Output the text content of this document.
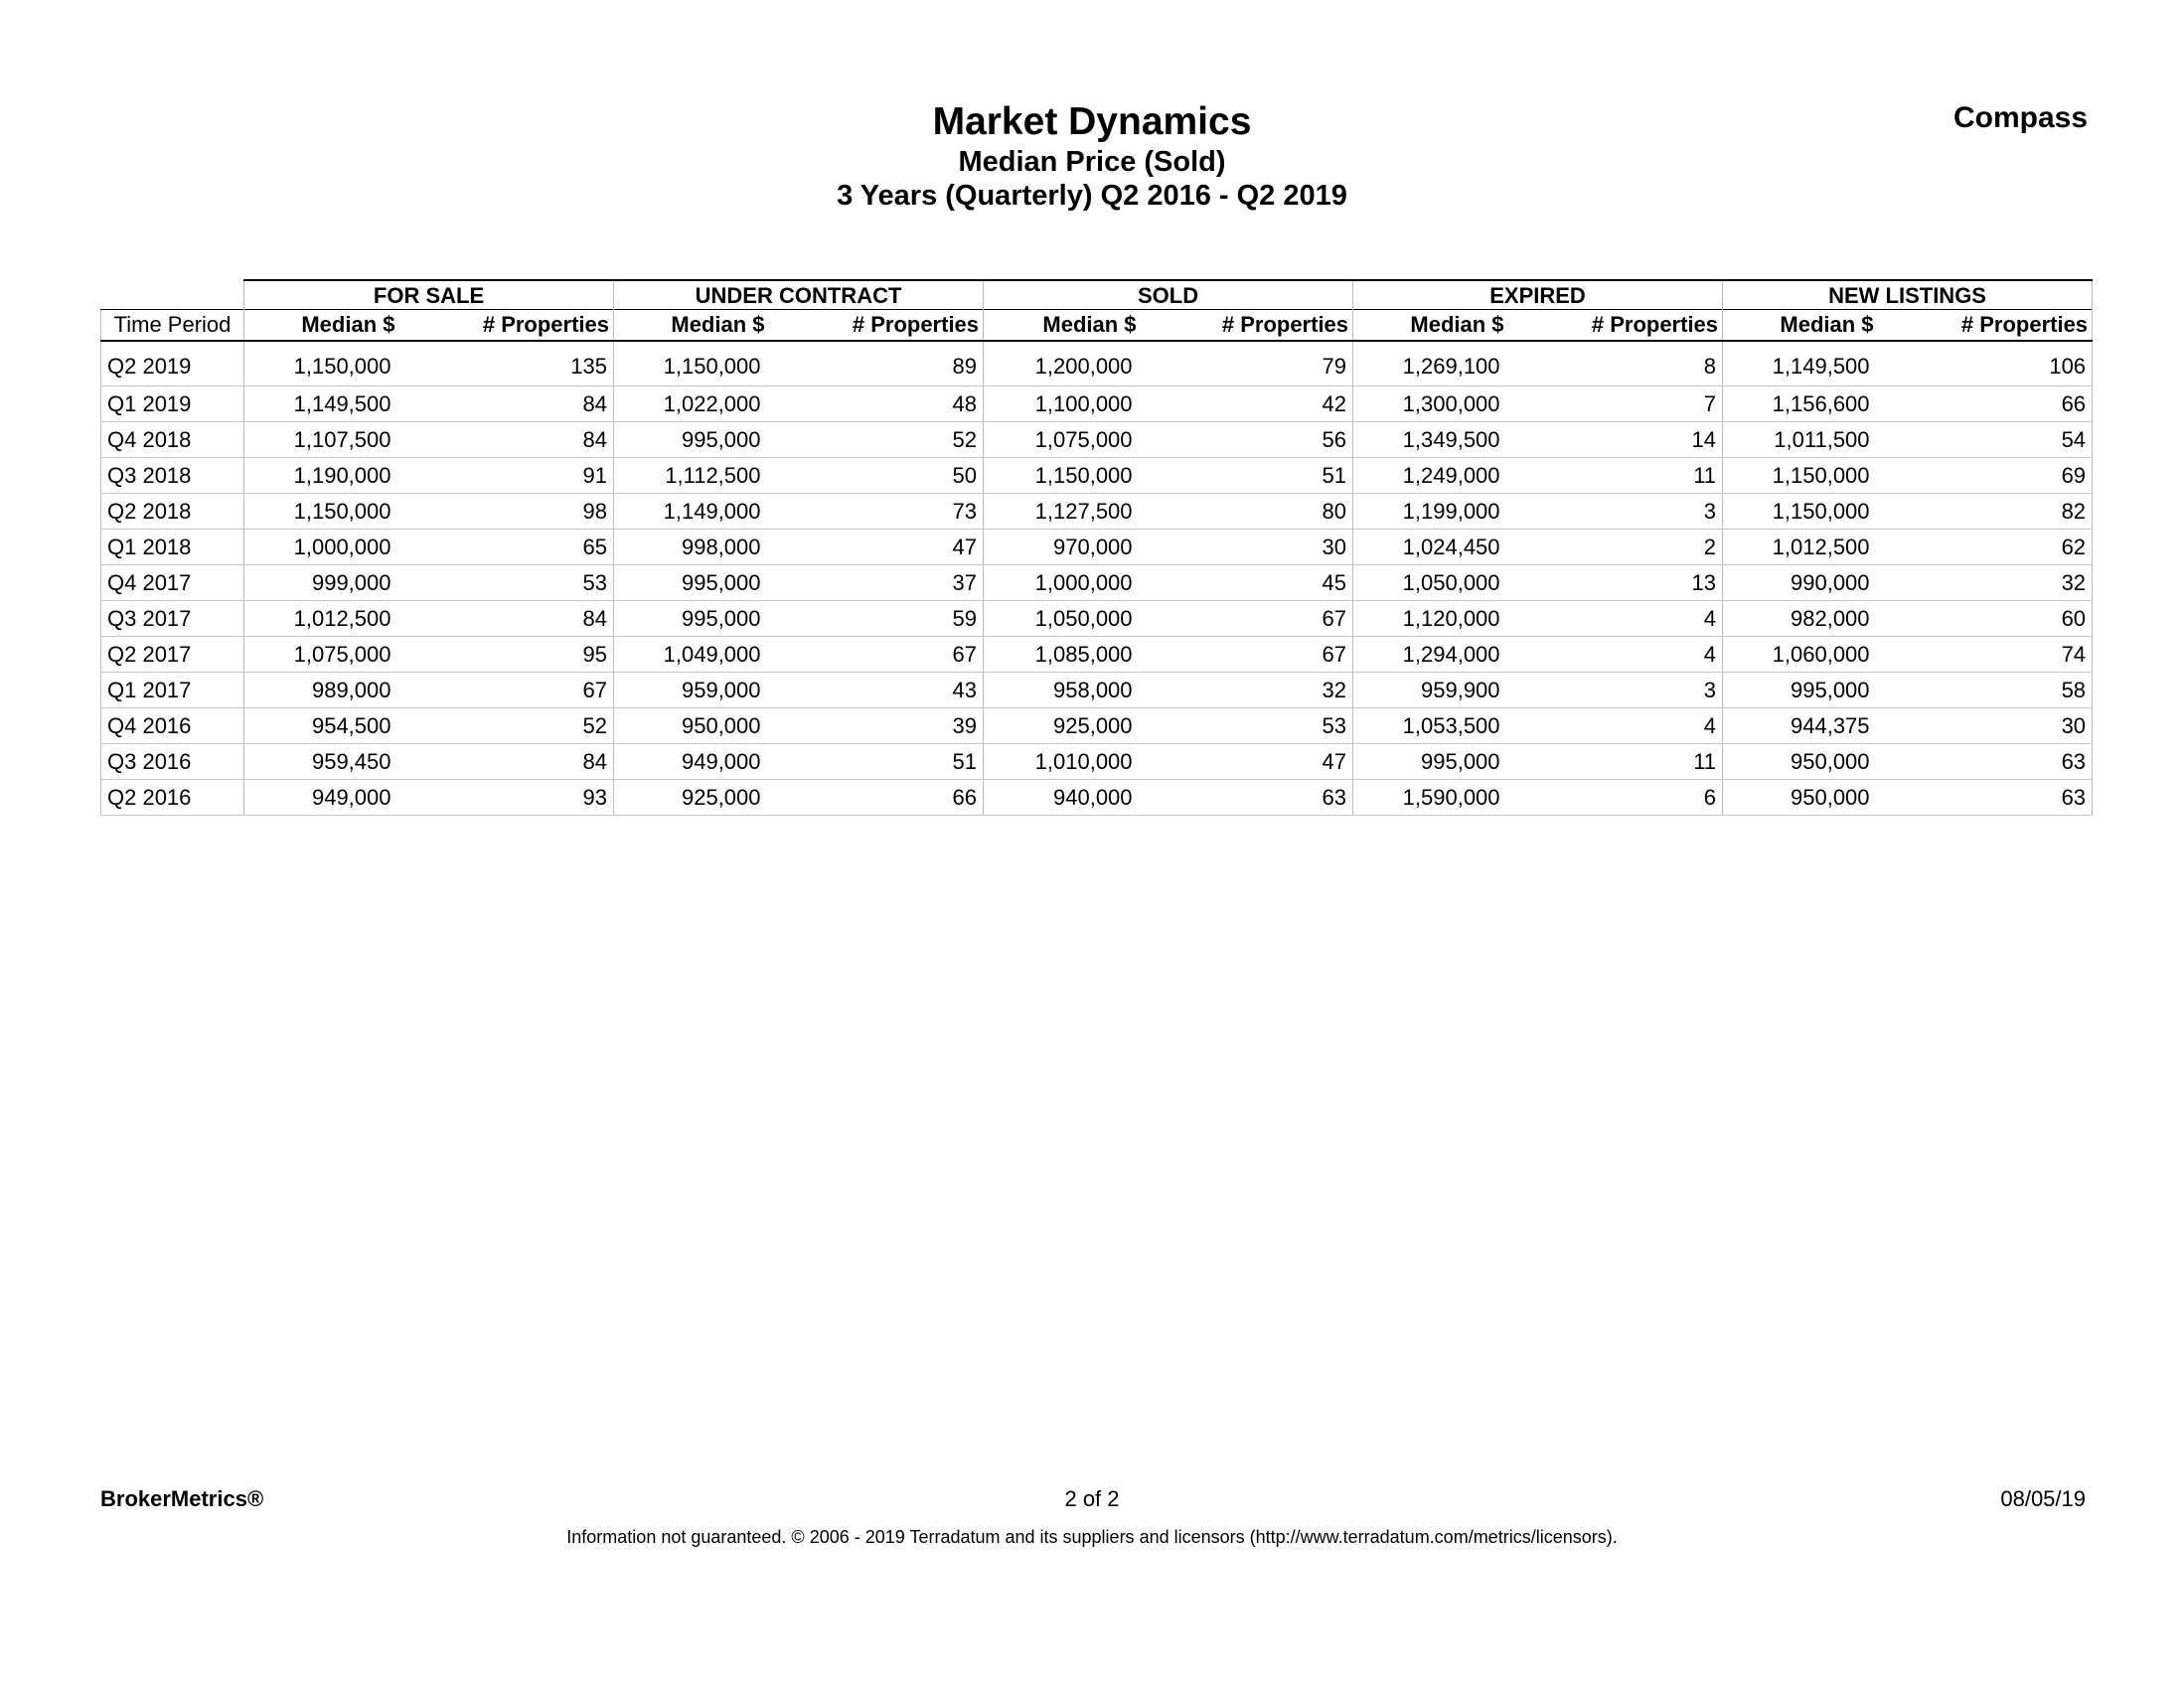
Market Dynamics
Median Price (Sold)
3 Years (Quarterly) Q2 2016 - Q2 2019
Compass
	FOR SALE		UNDER CONTRACT		SOLD		EXPIRED		NEW LISTINGS	
Time Period	Median $	# Properties	Median $	# Properties	Median $	# Properties	Median $	# Properties	Median $	# Properties
Q2 2019	1,150,000	135	1,150,000	89	1,200,000	79	1,269,100	8	1,149,500	106
Q1 2019	1,149,500	84	1,022,000	48	1,100,000	42	1,300,000	7	1,156,600	66
Q4 2018	1,107,500	84	995,000	52	1,075,000	56	1,349,500	14	1,011,500	54
Q3 2018	1,190,000	91	1,112,500	50	1,150,000	51	1,249,000	11	1,150,000	69
Q2 2018	1,150,000	98	1,149,000	73	1,127,500	80	1,199,000	3	1,150,000	82
Q1 2018	1,000,000	65	998,000	47	970,000	30	1,024,450	2	1,012,500	62
Q4 2017	999,000	53	995,000	37	1,000,000	45	1,050,000	13	990,000	32
Q3 2017	1,012,500	84	995,000	59	1,050,000	67	1,120,000	4	982,000	60
Q2 2017	1,075,000	95	1,049,000	67	1,085,000	67	1,294,000	4	1,060,000	74
Q1 2017	989,000	67	959,000	43	958,000	32	959,900	3	995,000	58
Q4 2016	954,500	52	950,000	39	925,000	53	1,053,500	4	944,375	30
Q3 2016	959,450	84	949,000	51	1,010,000	47	995,000	11	950,000	63
Q2 2016	949,000	93	925,000	66	940,000	63	1,590,000	6	950,000	63
BrokerMetrics®	2 of 2	08/05/19
Information not guaranteed. © 2006 - 2019 Terradatum and its suppliers and licensors (http://www.terradatum.com/metrics/licensors).
